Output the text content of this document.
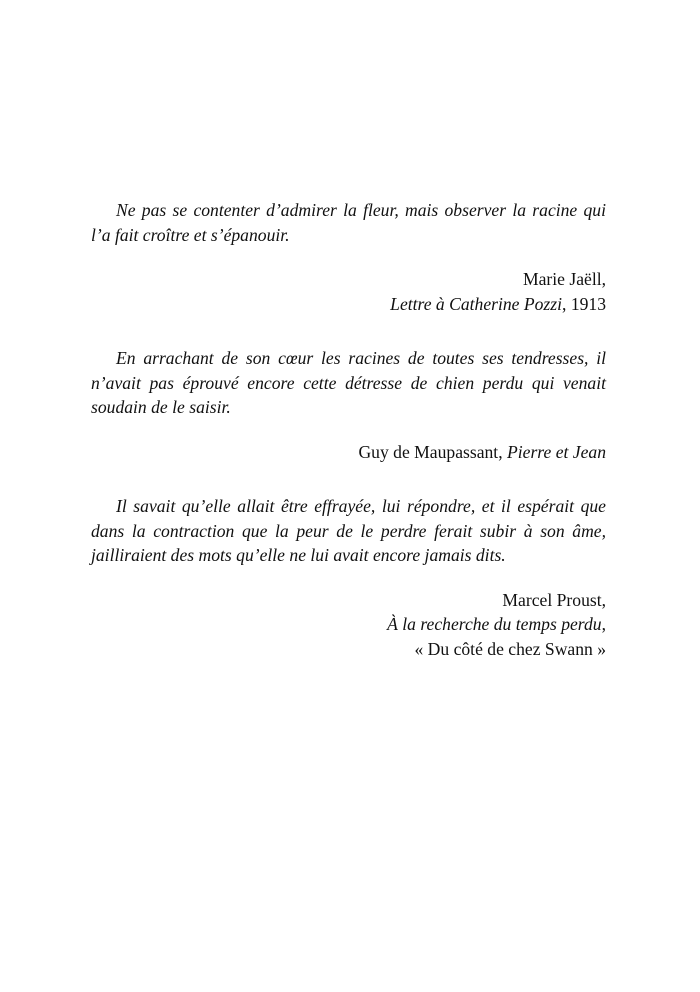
Ne pas se contenter d’admirer la fleur, mais observer la racine qui l’a fait croître et s’épanouir.

Marie Jaëll,
Lettre à Catherine Pozzi, 1913

En arrachant de son cœur les racines de toutes ses tendresses, il n’avait pas éprouvé encore cette détresse de chien perdu qui venait soudain de le saisir.

Guy de Maupassant, Pierre et Jean

Il savait qu’elle allait être effrayée, lui répondre, et il espérait que dans la contraction que la peur de le perdre ferait subir à son âme, jailliraient des mots qu’elle ne lui avait encore jamais dits.

Marcel Proust,
À la recherche du temps perdu,
« Du côté de chez Swann »
